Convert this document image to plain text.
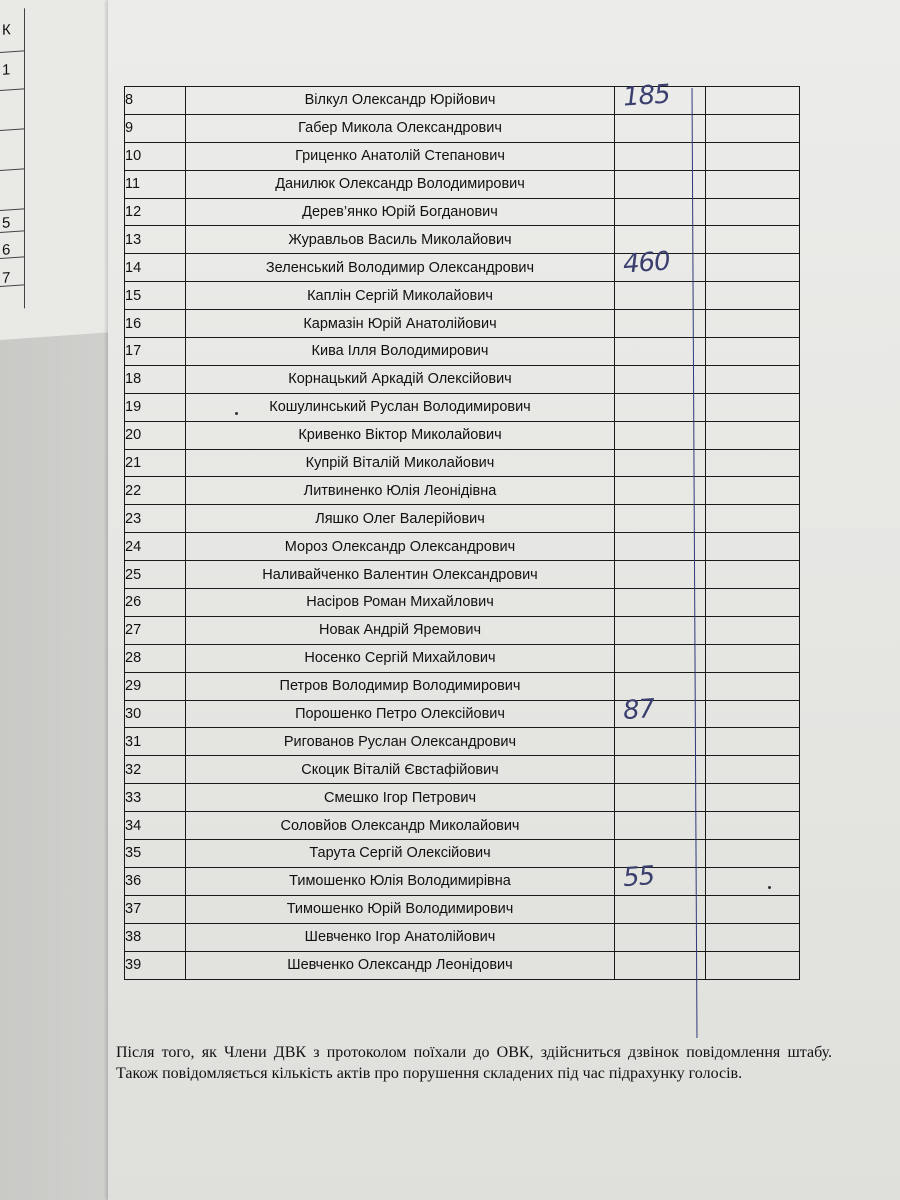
К
1
5
6
7
8	Вілкул Олександр Юрійович	185	

9	Габер Микола Олександрович	

10	Гриценко Анатолій Степанович	

11	Данилюк Олександр Володимирович	

12	Дерев’янко Юрій Богданович	

13	Журавльов Василь Миколайович	

14	Зеленський Володимир Олександрович	460	

15	Каплін Сергій Миколайович	

16	Кармазін Юрій Анатолійович	

17	Кива Ілля Володимирович	

18	Корнацький Аркадій Олексійович	

19	Кошулинський Руслан Володимирович	

20	Кривенко Віктор Миколайович	

21	Купрій Віталій Миколайович	

22	Литвиненко Юлія Леонідівна	

23	Ляшко Олег Валерійович	

24	Мороз Олександр Олександрович	

25	Наливайченко Валентин Олександрович	

26	Насіров Роман Михайлович	

27	Новак Андрій Яремович	

28	Носенко Сергій Михайлович	

29	Петров Володимир Володимирович	

30	Порошенко Петро Олексійович	87	

31	Ригованов Руслан Олександрович	

32	Скоцик Віталій Євстафійович	

33	Смешко Ігор Петрович	

34	Соловйов Олександр Миколайович	

35	Тарута Сергій Олексійович	

36	Тимошенко Юлія Володимирівна	55	

37	Тимошенко Юрій Володимирович	

38	Шевченко Ігор Анатолійович	

39	Шевченко Олександр Леонідович	

Після того, як Члени ДВК з протоколом поїхали до ОВК, здійсниться дзвінок повідомлення штабу. Також повідомляється кількість актів про порушення складених під час підрахунку голосів.
